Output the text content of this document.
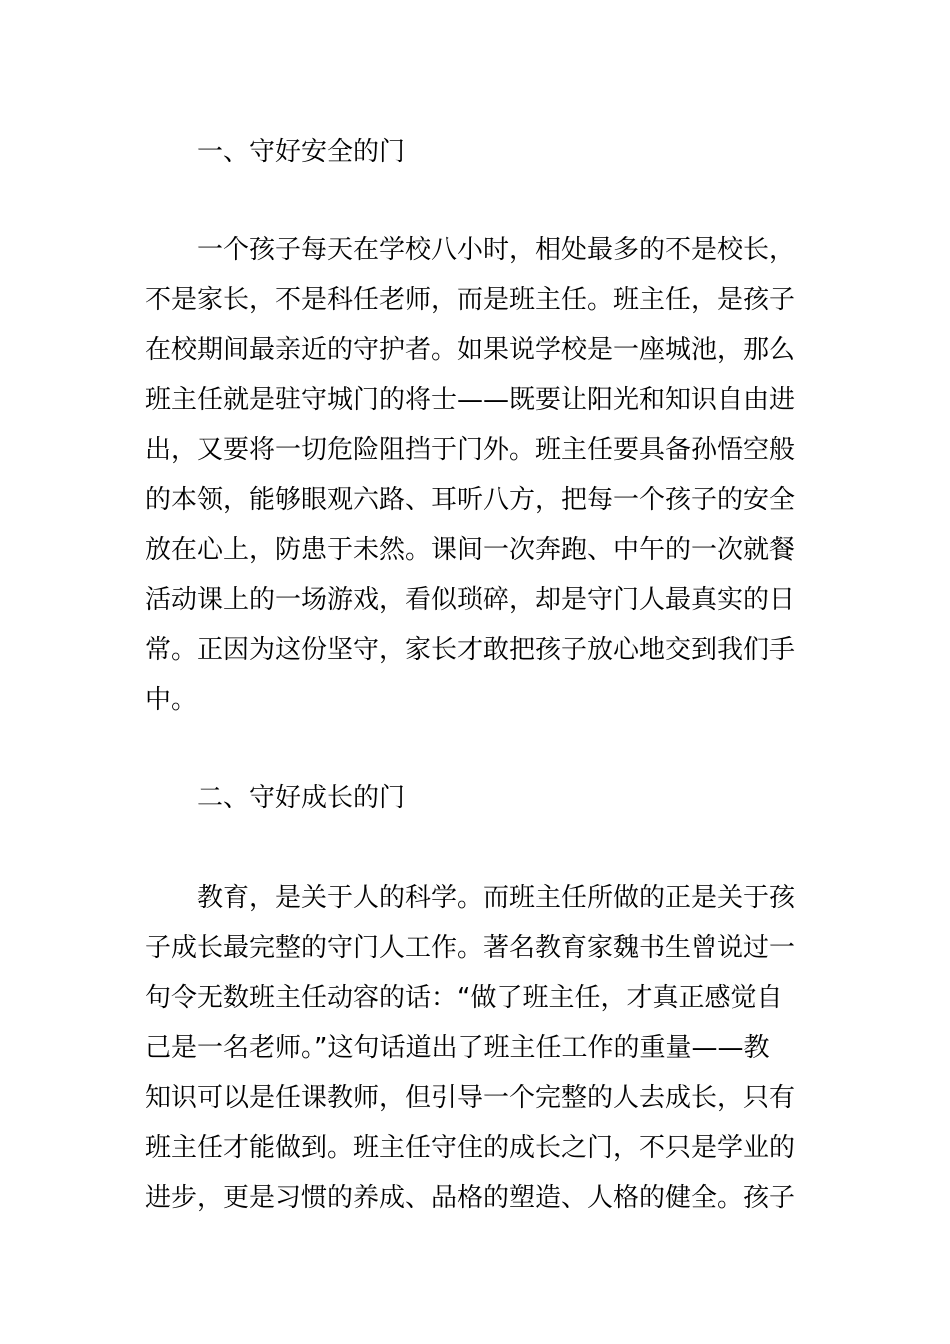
一、守好安全的门
一个孩子每天在学校八小时，相处最多的不是校长，
不是家长，不是科任老师，而是班主任。班主任，是孩子
在校期间最亲近的守护者。如果说学校是一座城池，那么
班主任就是驻守城门的将士——既要让阳光和知识自由进
出，又要将一切危险阻挡于门外。班主任要具备孙悟空般
的本领，能够眼观六路、耳听八方，把每一个孩子的安全
放在心上，防患于未然。课间一次奔跑、中午的一次就餐
活动课上的一场游戏，看似琐碎，却是守门人最真实的日
常。正因为这份坚守，家长才敢把孩子放心地交到我们手
中。
二、守好成长的门
教育，是关于人的科学。而班主任所做的正是关于孩
子成长最完整的守门人工作。著名教育家魏书生曾说过一
句令无数班主任动容的话：“做了班主任，才真正感觉自
己是一名老师。”这句话道出了班主任工作的重量——教
知识可以是任课教师，但引导一个完整的人去成长，只有
班主任才能做到。班主任守住的成长之门，不只是学业的
进步，更是习惯的养成、品格的塑造、人格的健全。孩子
